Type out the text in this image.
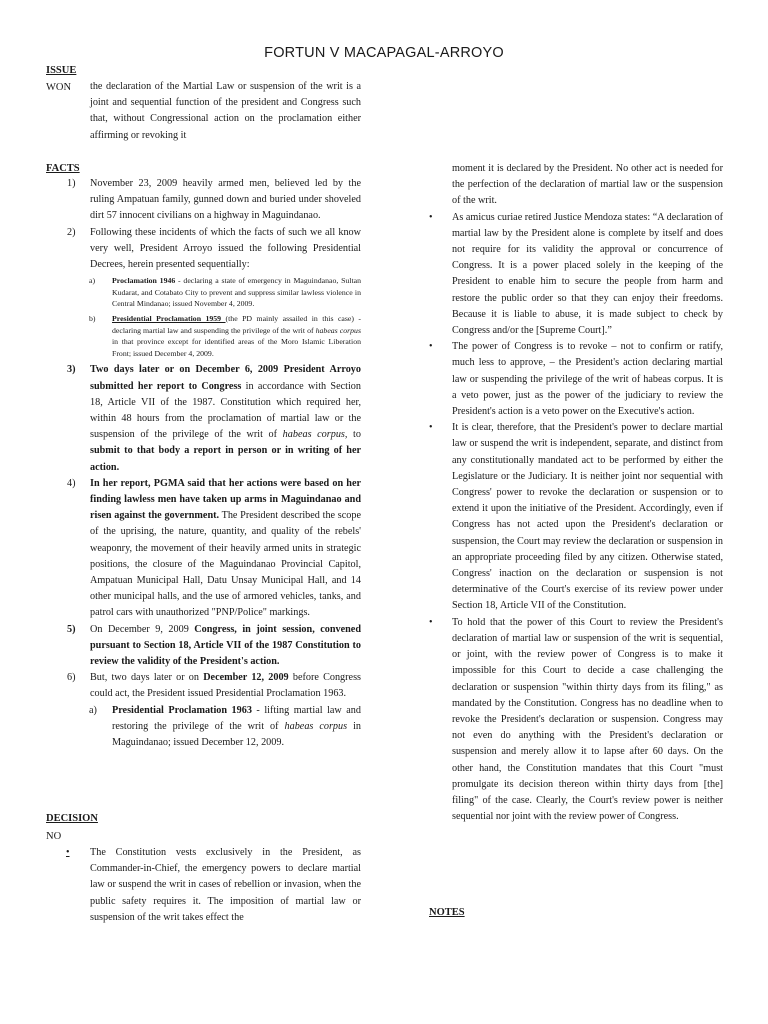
FORTUN V MACAPAGAL-ARROYO
ISSUE
WON the declaration of the Martial Law or suspension of the writ is a joint and sequential function of the president and Congress such that, without Congressional action on the proclamation either affirming or revoking it
FACTS
1) November 23, 2009 heavily armed men, believed led by the ruling Ampatuan family, gunned down and buried under shoveled dirt 57 innocent civilians on a highway in Maguindanao.
2) Following these incidents of which the facts of such we all know very well, President Arroyo issued the following Presidential Decrees, herein presented sequentially:
a) Proclamation 1946 - declaring a state of emergency in Maguindanao, Sultan Kudarat, and Cotabato City to prevent and suppress similar lawless violence in Central Mindanao; issued November 4, 2009.
b) Presidential Proclamation 1959 (the PD mainly assailed in this case) - declaring martial law and suspending the privilege of the writ of habeas corpus in that province except for identified areas of the Moro Islamic Liberation Front; issued December 4, 2009.
3) Two days later or on December 6, 2009 President Arroyo submitted her report to Congress in accordance with Section 18, Article VII of the 1987. Constitution which required her, within 48 hours from the proclamation of martial law or the suspension of the privilege of the writ of habeas corpus, to submit to that body a report in person or in writing of her action.
4) In her report, PGMA said that her actions were based on her finding lawless men have taken up arms in Maguindanao and risen against the government. The President described the scope of the uprising, the nature, quantity, and quality of the rebels' weaponry, the movement of their heavily armed units in strategic positions, the closure of the Maguindanao Provincial Capitol, Ampatuan Municipal Hall, Datu Unsay Municipal Hall, and 14 other municipal halls, and the use of armored vehicles, tanks, and patrol cars with unauthorized "PNP/Police" markings.
5) On December 9, 2009 Congress, in joint session, convened pursuant to Section 18, Article VII of the 1987 Constitution to review the validity of the President's action.
6) But, two days later or on December 12, 2009 before Congress could act, the President issued Presidential Proclamation 1963.
a) Presidential Proclamation 1963 - lifting martial law and restoring the privilege of the writ of habeas corpus in Maguindanao; issued December 12, 2009.
DECISION
NO
• The Constitution vests exclusively in the President, as Commander-in-Chief, the emergency powers to declare martial law or suspend the writ in cases of rebellion or invasion, when the public safety requires it. The imposition of martial law or suspension of the writ takes effect the
moment it is declared by the President. No other act is needed for the perfection of the declaration of martial law or the suspension of the writ.
• As amicus curiae retired Justice Mendoza states: “A declaration of martial law by the President alone is complete by itself and does not require for its validity the approval or concurrence of Congress. It is a power placed solely in the keeping of the President to enable him to secure the people from harm and restore the public order so that they can enjoy their freedoms. Because it is liable to abuse, it is made subject to check by Congress and/or the [Supreme Court].”
• The power of Congress is to revoke – not to confirm or ratify, much less to approve, – the President's action declaring martial law or suspending the privilege of the writ of habeas corpus. It is a veto power, just as the power of the judiciary to review the President's action is a veto power on the Executive's action.
• It is clear, therefore, that the President's power to declare martial law or suspend the writ is independent, separate, and distinct from any constitutionally mandated act to be performed by either the Legislature or the Judiciary. It is neither joint nor sequential with Congress' power to revoke the declaration or suspension or to extend it upon the initiative of the President. Accordingly, even if Congress has not acted upon the President's declaration or suspension, the Court may review the declaration or suspension in an appropriate proceeding filed by any citizen. Otherwise stated, Congress' inaction on the declaration or suspension is not determinative of the Court's exercise of its review power under Section 18, Article VII of the Constitution.
• To hold that the power of this Court to review the President's declaration of martial law or suspension of the writ is sequential, or joint, with the review power of Congress is to make it impossible for this Court to decide a case challenging the declaration or suspension "within thirty days from its filing," as mandated by the Constitution. Congress has no deadline when to revoke the President's declaration or suspension. Congress may not even do anything with the President's declaration or suspension and merely allow it to lapse after 60 days. On the other hand, the Constitution mandates that this Court "must promulgate its decision thereon within thirty days from [the] filing" of the case. Clearly, the Court's review power is neither sequential nor joint with the review power of Congress.
NOTES
